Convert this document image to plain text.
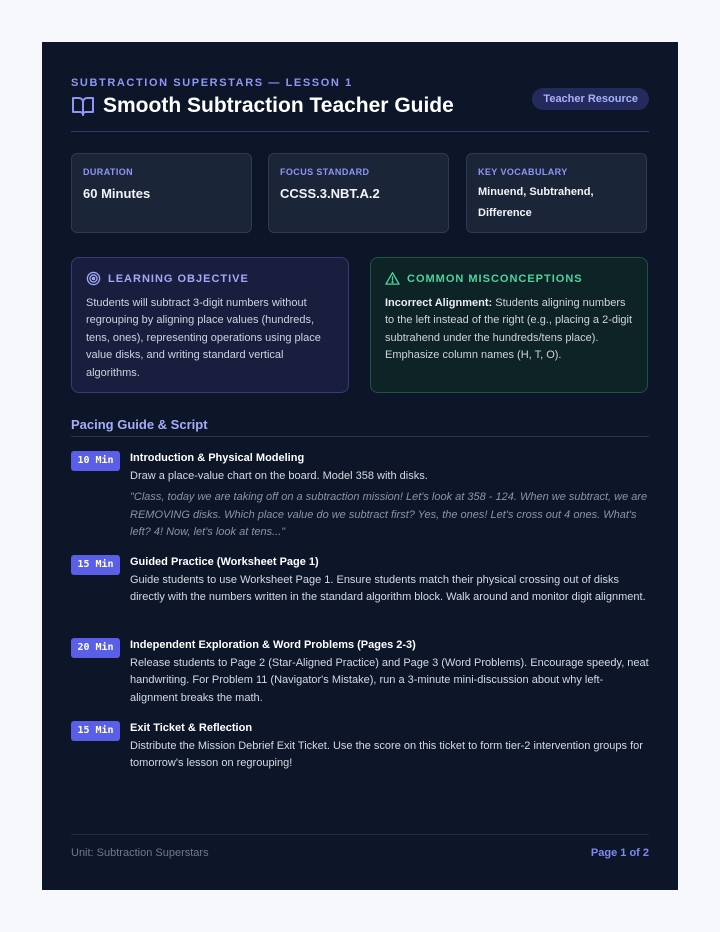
SUBTRACTION SUPERSTARS — LESSON 1
Smooth Subtraction Teacher Guide	Teacher Resource
DURATION
60 Minutes
FOCUS STANDARD
CCSS.3.NBT.A.2
KEY VOCABULARY
Minuend, Subtrahend, Difference
LEARNING OBJECTIVE
Students will subtract 3-digit numbers without regrouping by aligning place values (hundreds, tens, ones), representing operations using place value disks, and writing standard vertical algorithms.
COMMON MISCONCEPTIONS
Incorrect Alignment: Students aligning numbers to the left instead of the right (e.g., placing a 2-digit subtrahend under the hundreds/tens place). Emphasize column names (H, T, O).
Pacing Guide & Script
10 Min	Introduction & Physical Modeling
Draw a place-value chart on the board. Model 358 with disks.
"Class, today we are taking off on a subtraction mission! Let's look at 358 - 124. When we subtract, we are REMOVING disks. Which place value do we subtract first? Yes, the ones! Let's cross out 4 ones. What's left? 4! Now, let's look at tens..."
15 Min	Guided Practice (Worksheet Page 1)
Guide students to use Worksheet Page 1. Ensure students match their physical crossing out of disks directly with the numbers written in the standard algorithm block. Walk around and monitor digit alignment.
20 Min	Independent Exploration & Word Problems (Pages 2-3)
Release students to Page 2 (Star-Aligned Practice) and Page 3 (Word Problems). Encourage speedy, neat handwriting. For Problem 11 (Navigator's Mistake), run a 3-minute mini-discussion about why left-alignment breaks the math.
15 Min	Exit Ticket & Reflection
Distribute the Mission Debrief Exit Ticket. Use the score on this ticket to form tier-2 intervention groups for tomorrow's lesson on regrouping!
Unit: Subtraction Superstars	Page 1 of 2
